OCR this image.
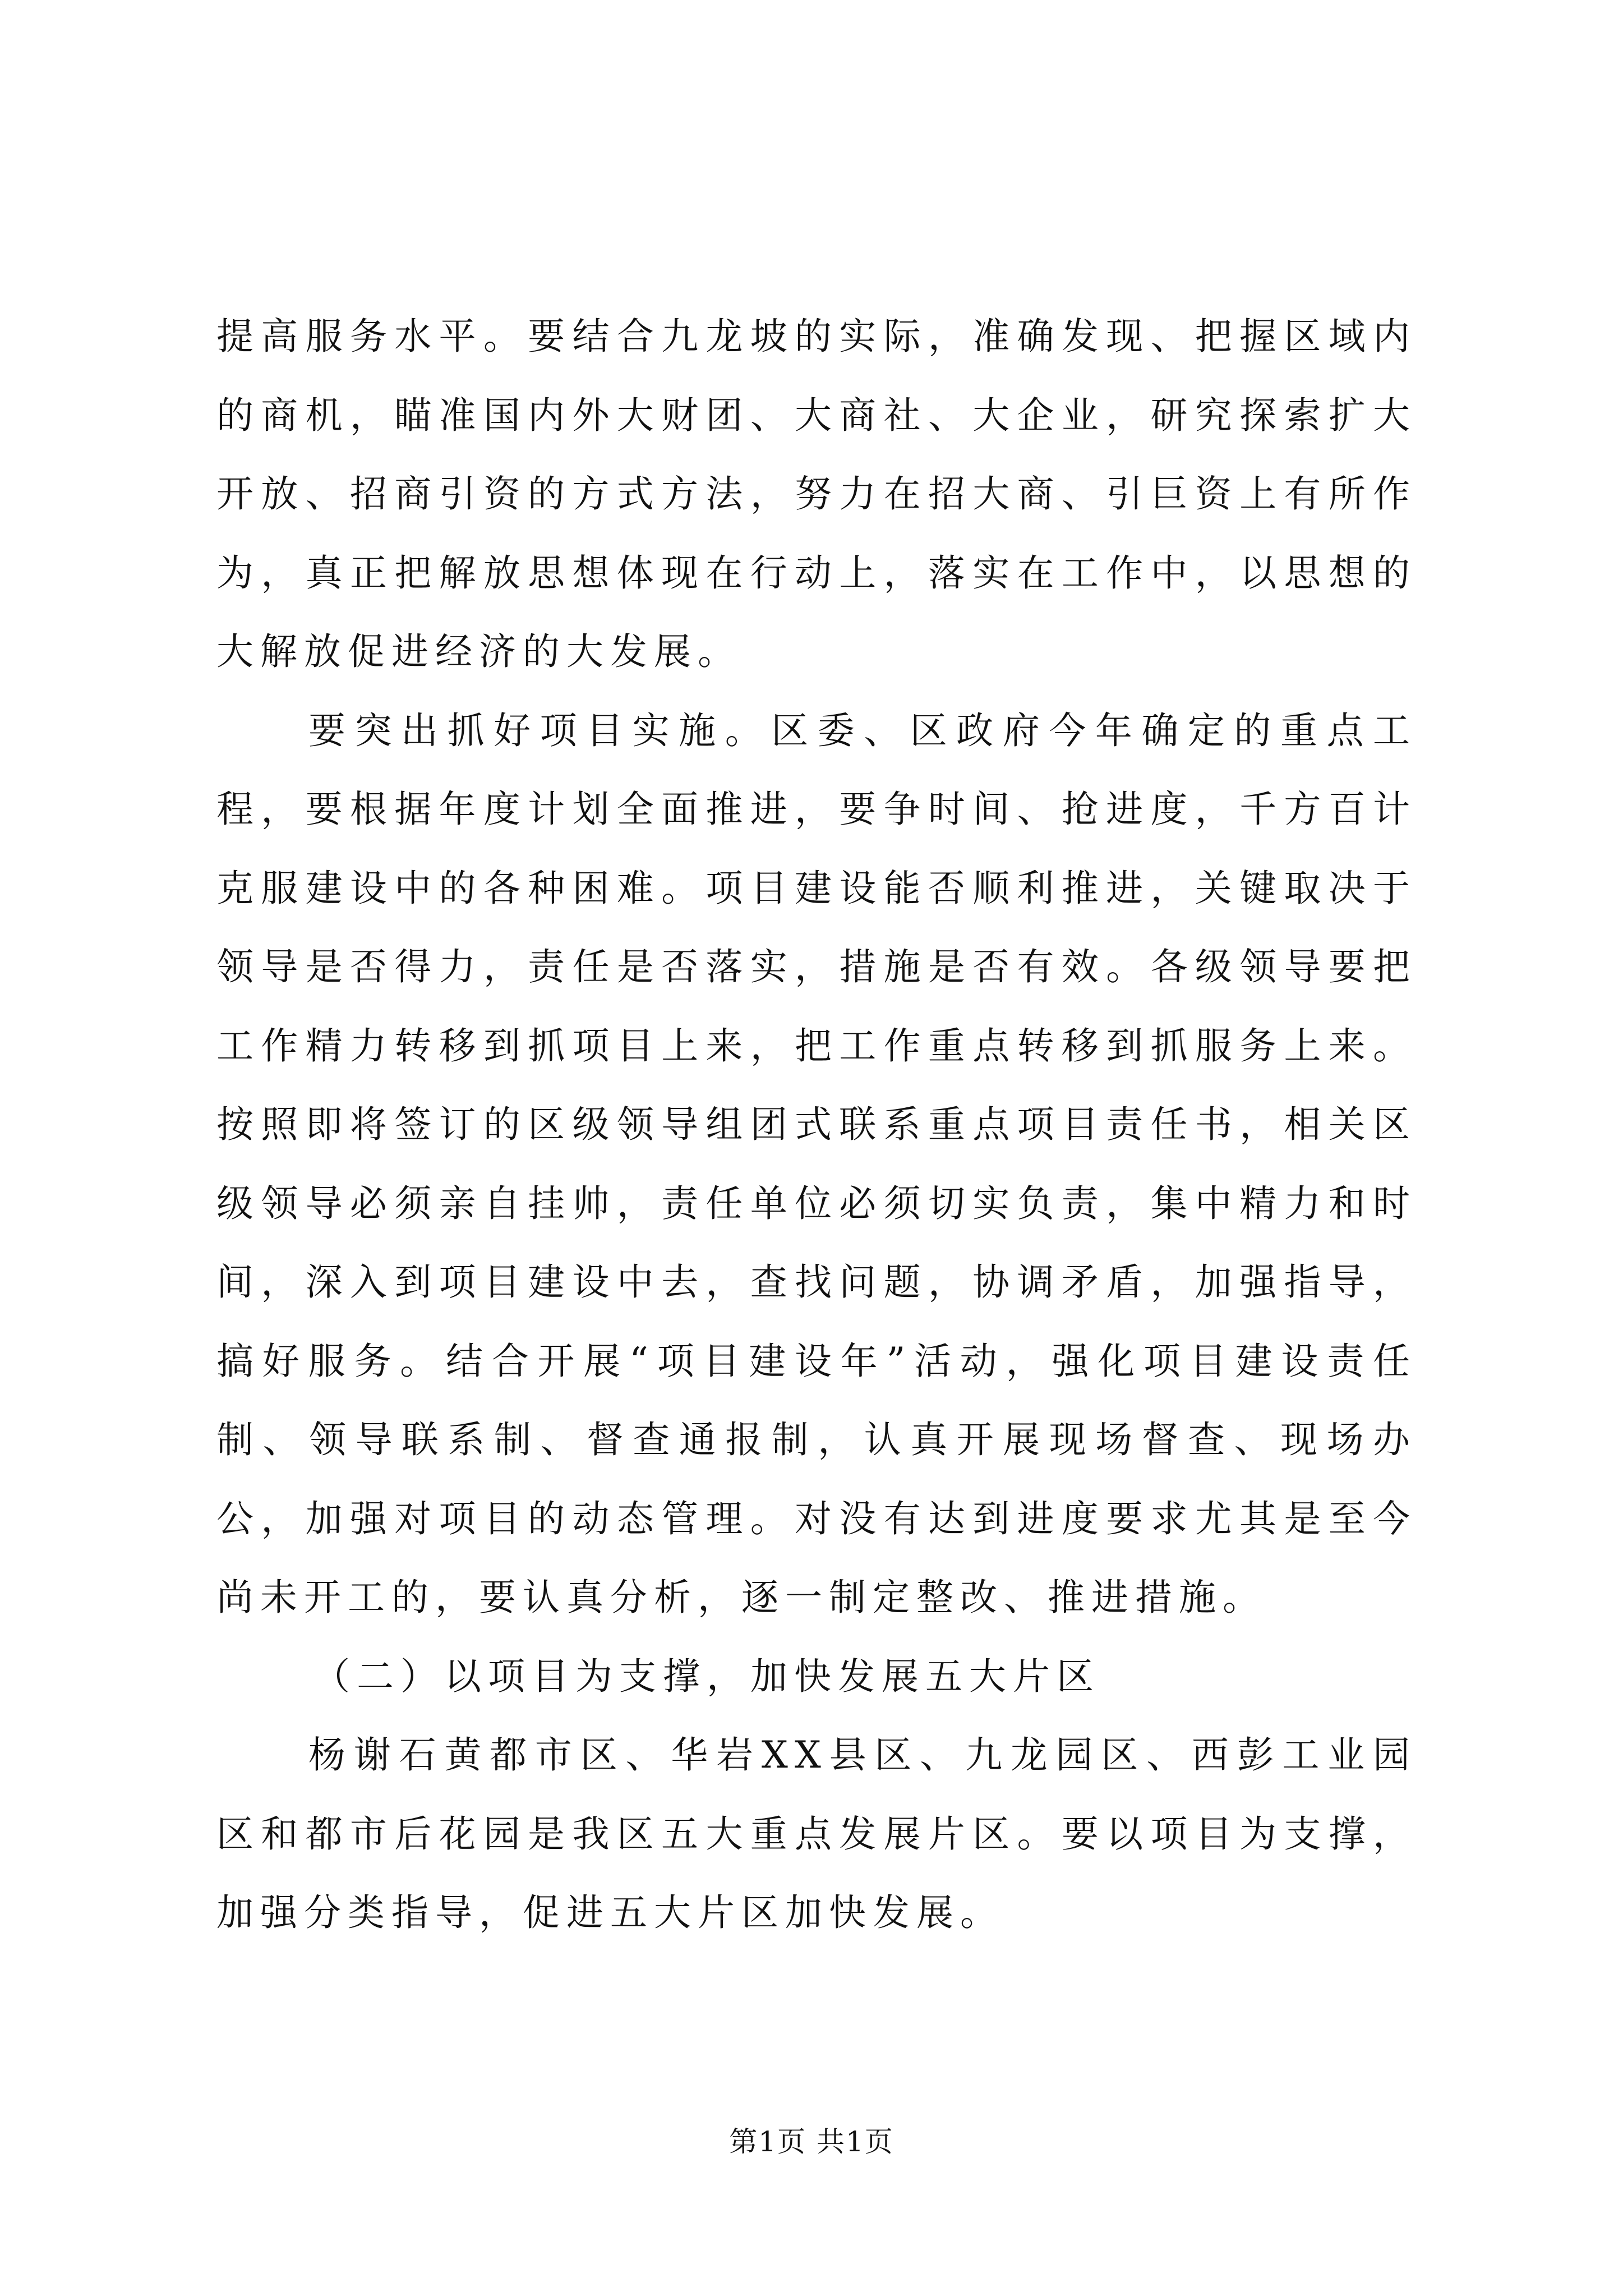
提高服务水平。要结合九龙坡的实际，准确发现、把握区域内的商机，瞄准国内外大财团、大商社、大企业，研究探索扩大开放、招商引资的方式方法，努力在招大商、引巨资上有所作为，真正把解放思想体现在行动上，落实在工作中，以思想的大解放促进经济的大发展。

要突出抓好项目实施。区委、区政府今年确定的重点工程，要根据年度计划全面推进，要争时间、抢进度，千方百计克服建设中的各种困难。项目建设能否顺利推进，关键取决于领导是否得力，责任是否落实，措施是否有效。各级领导要把工作精力转移到抓项目上来，把工作重点转移到抓服务上来。按照即将签订的区级领导组团式联系重点项目责任书，相关区级领导必须亲自挂帅，责任单位必须切实负责，集中精力和时间，深入到项目建设中去，查找问题，协调矛盾，加强指导，搞好服务。结合开展“项目建设年”活动，强化项目建设责任制、领导联系制、督查通报制，认真开展现场督查、现场办公，加强对项目的动态管理。对没有达到进度要求尤其是至今尚未开工的，要认真分析，逐一制定整改、推进措施。

（二）以项目为支撑，加快发展五大片区

杨谢石黄都市区、华岩XX县区、九龙园区、西彭工业园区和都市后花园是我区五大重点发展片区。要以项目为支撑，加强分类指导，促进五大片区加快发展。

第1页 共1页
